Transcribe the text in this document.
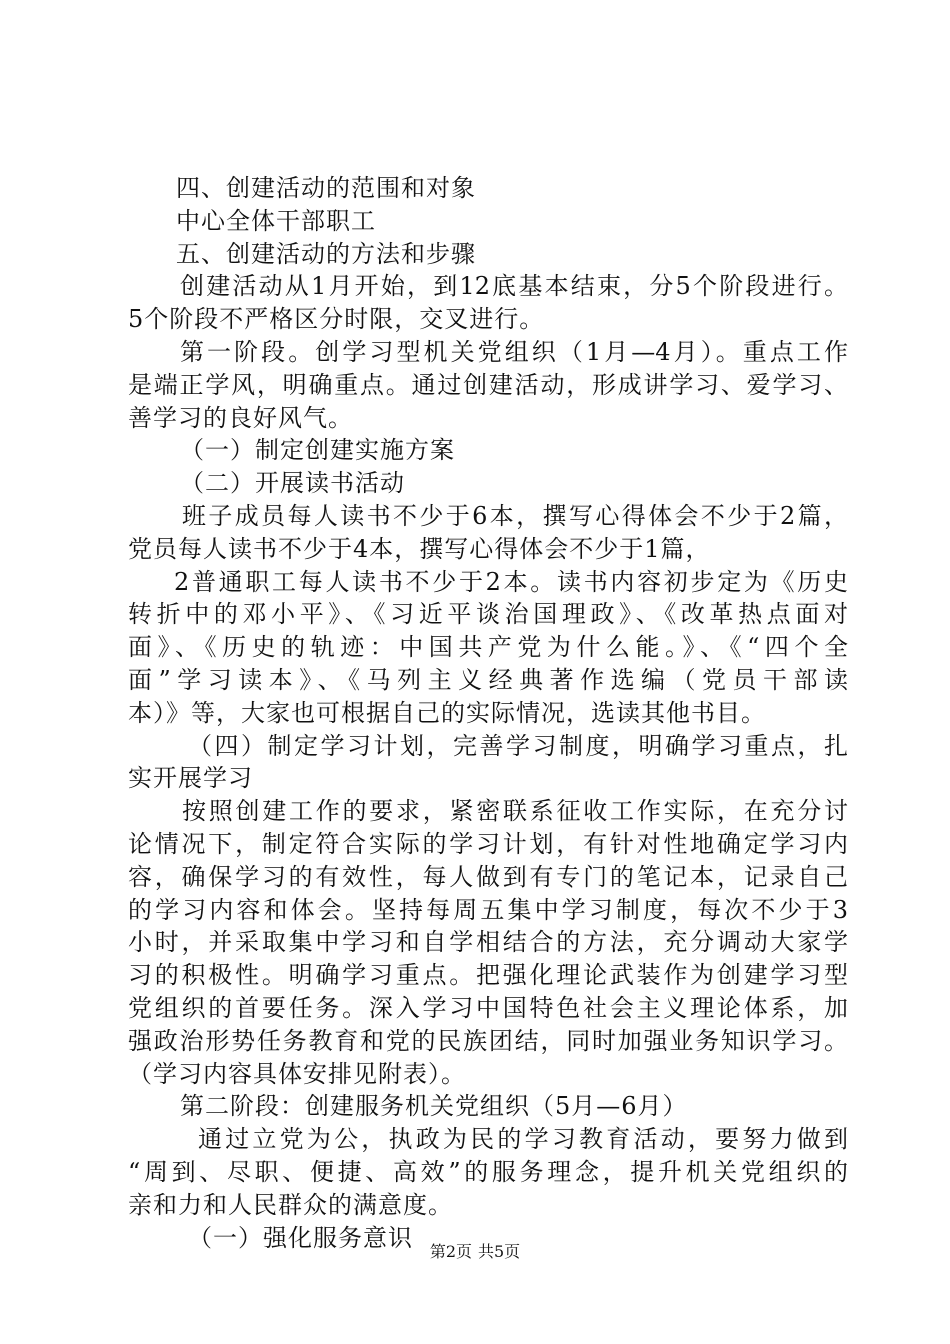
四、创建活动的范围和对象
中心全体干部职工
五、创建活动的方法和步骤
创建活动从1月开始，到12底基本结束，分5个阶段进行。
5个阶段不严格区分时限，交叉进行。
第一阶段。创学习型机关党组织（1月—4月）。重点工作
是端正学风，明确重点。通过创建活动，形成讲学习、爱学习、
善学习的良好风气。
（一）制定创建实施方案
（二）开展读书活动
班子成员每人读书不少于6本，撰写心得体会不少于2篇，
党员每人读书不少于4本，撰写心得体会不少于1篇，
2普通职工每人读书不少于2本。读书内容初步定为《历史
转折中的邓小平》、《习近平谈治国理政》、《改革热点面对
面》、《历史的轨迹：中国共产党为什么能。》、《“四个全
面”学习读本》、《马列主义经典著作选编（党员干部读
本）》等，大家也可根据自己的实际情况，选读其他书目。
（四）制定学习计划，完善学习制度，明确学习重点，扎
实开展学习
按照创建工作的要求，紧密联系征收工作实际，在充分讨
论情况下，制定符合实际的学习计划，有针对性地确定学习内
容，确保学习的有效性，每人做到有专门的笔记本，记录自己
的学习内容和体会。坚持每周五集中学习制度，每次不少于3
小时，并采取集中学习和自学相结合的方法，充分调动大家学
习的积极性。明确学习重点。把强化理论武装作为创建学习型
党组织的首要任务。深入学习中国特色社会主义理论体系，加
强政治形势任务教育和党的民族团结，同时加强业务知识学习。
（学习内容具体安排见附表）。
第二阶段：创建服务机关党组织（5月—6月）
通过立党为公，执政为民的学习教育活动，要努力做到
“周到、尽职、便捷、高效”的服务理念，提升机关党组织的
亲和力和人民群众的满意度。
（一）强化服务意识	第2页 共5页
